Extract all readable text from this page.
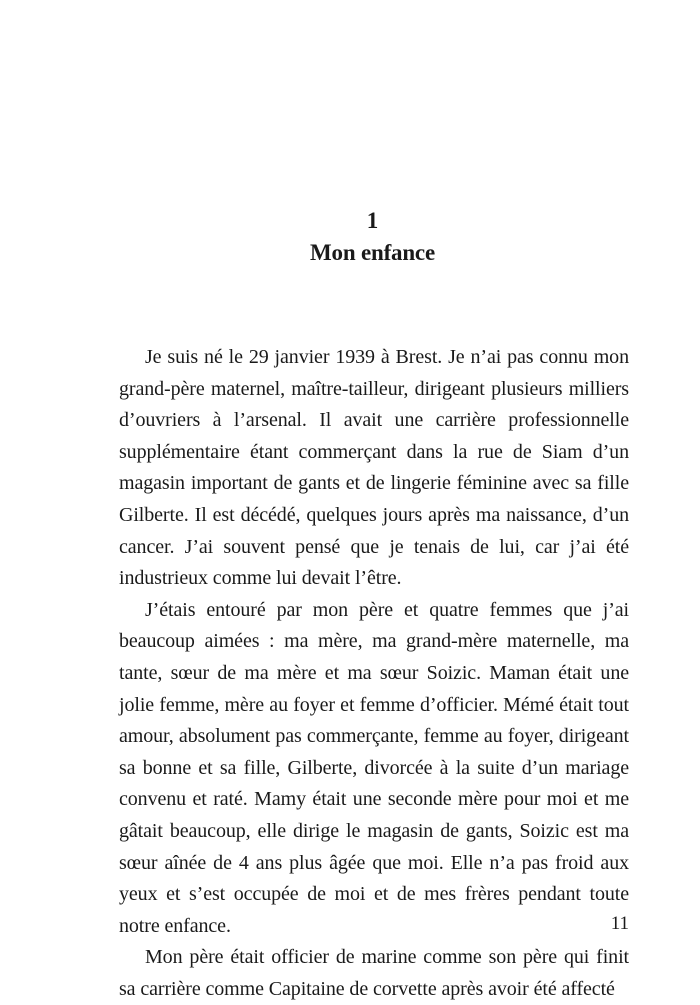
1
Mon enfance

Je suis né le 29 janvier 1939 à Brest. Je n’ai pas connu mon grand-père maternel, maître-tailleur, dirigeant plusieurs milliers d’ouvriers à l’arsenal. Il avait une carrière professionnelle supplémentaire étant commerçant dans la rue de Siam d’un magasin important de gants et de lingerie féminine avec sa fille Gilberte. Il est décédé, quelques jours après ma naissance, d’un cancer. J’ai souvent pensé que je tenais de lui, car j’ai été industrieux comme lui devait l’être.

J’étais entouré par mon père et quatre femmes que j’ai beaucoup aimées : ma mère, ma grand-mère maternelle, ma tante, sœur de ma mère et ma sœur Soizic. Maman était une jolie femme, mère au foyer et femme d’officier. Mémé était tout amour, absolument pas commerçante, femme au foyer, dirigeant sa bonne et sa fille, Gilberte, divorcée à la suite d’un mariage convenu et raté. Mamy était une seconde mère pour moi et me gâtait beaucoup, elle dirige le magasin de gants, Soizic est ma sœur aînée de 4 ans plus âgée que moi. Elle n’a pas froid aux yeux et s’est occupée de moi et de mes frères pendant toute notre enfance.

Mon père était officier de marine comme son père qui finit sa carrière comme Capitaine de corvette après avoir été affecté

11
